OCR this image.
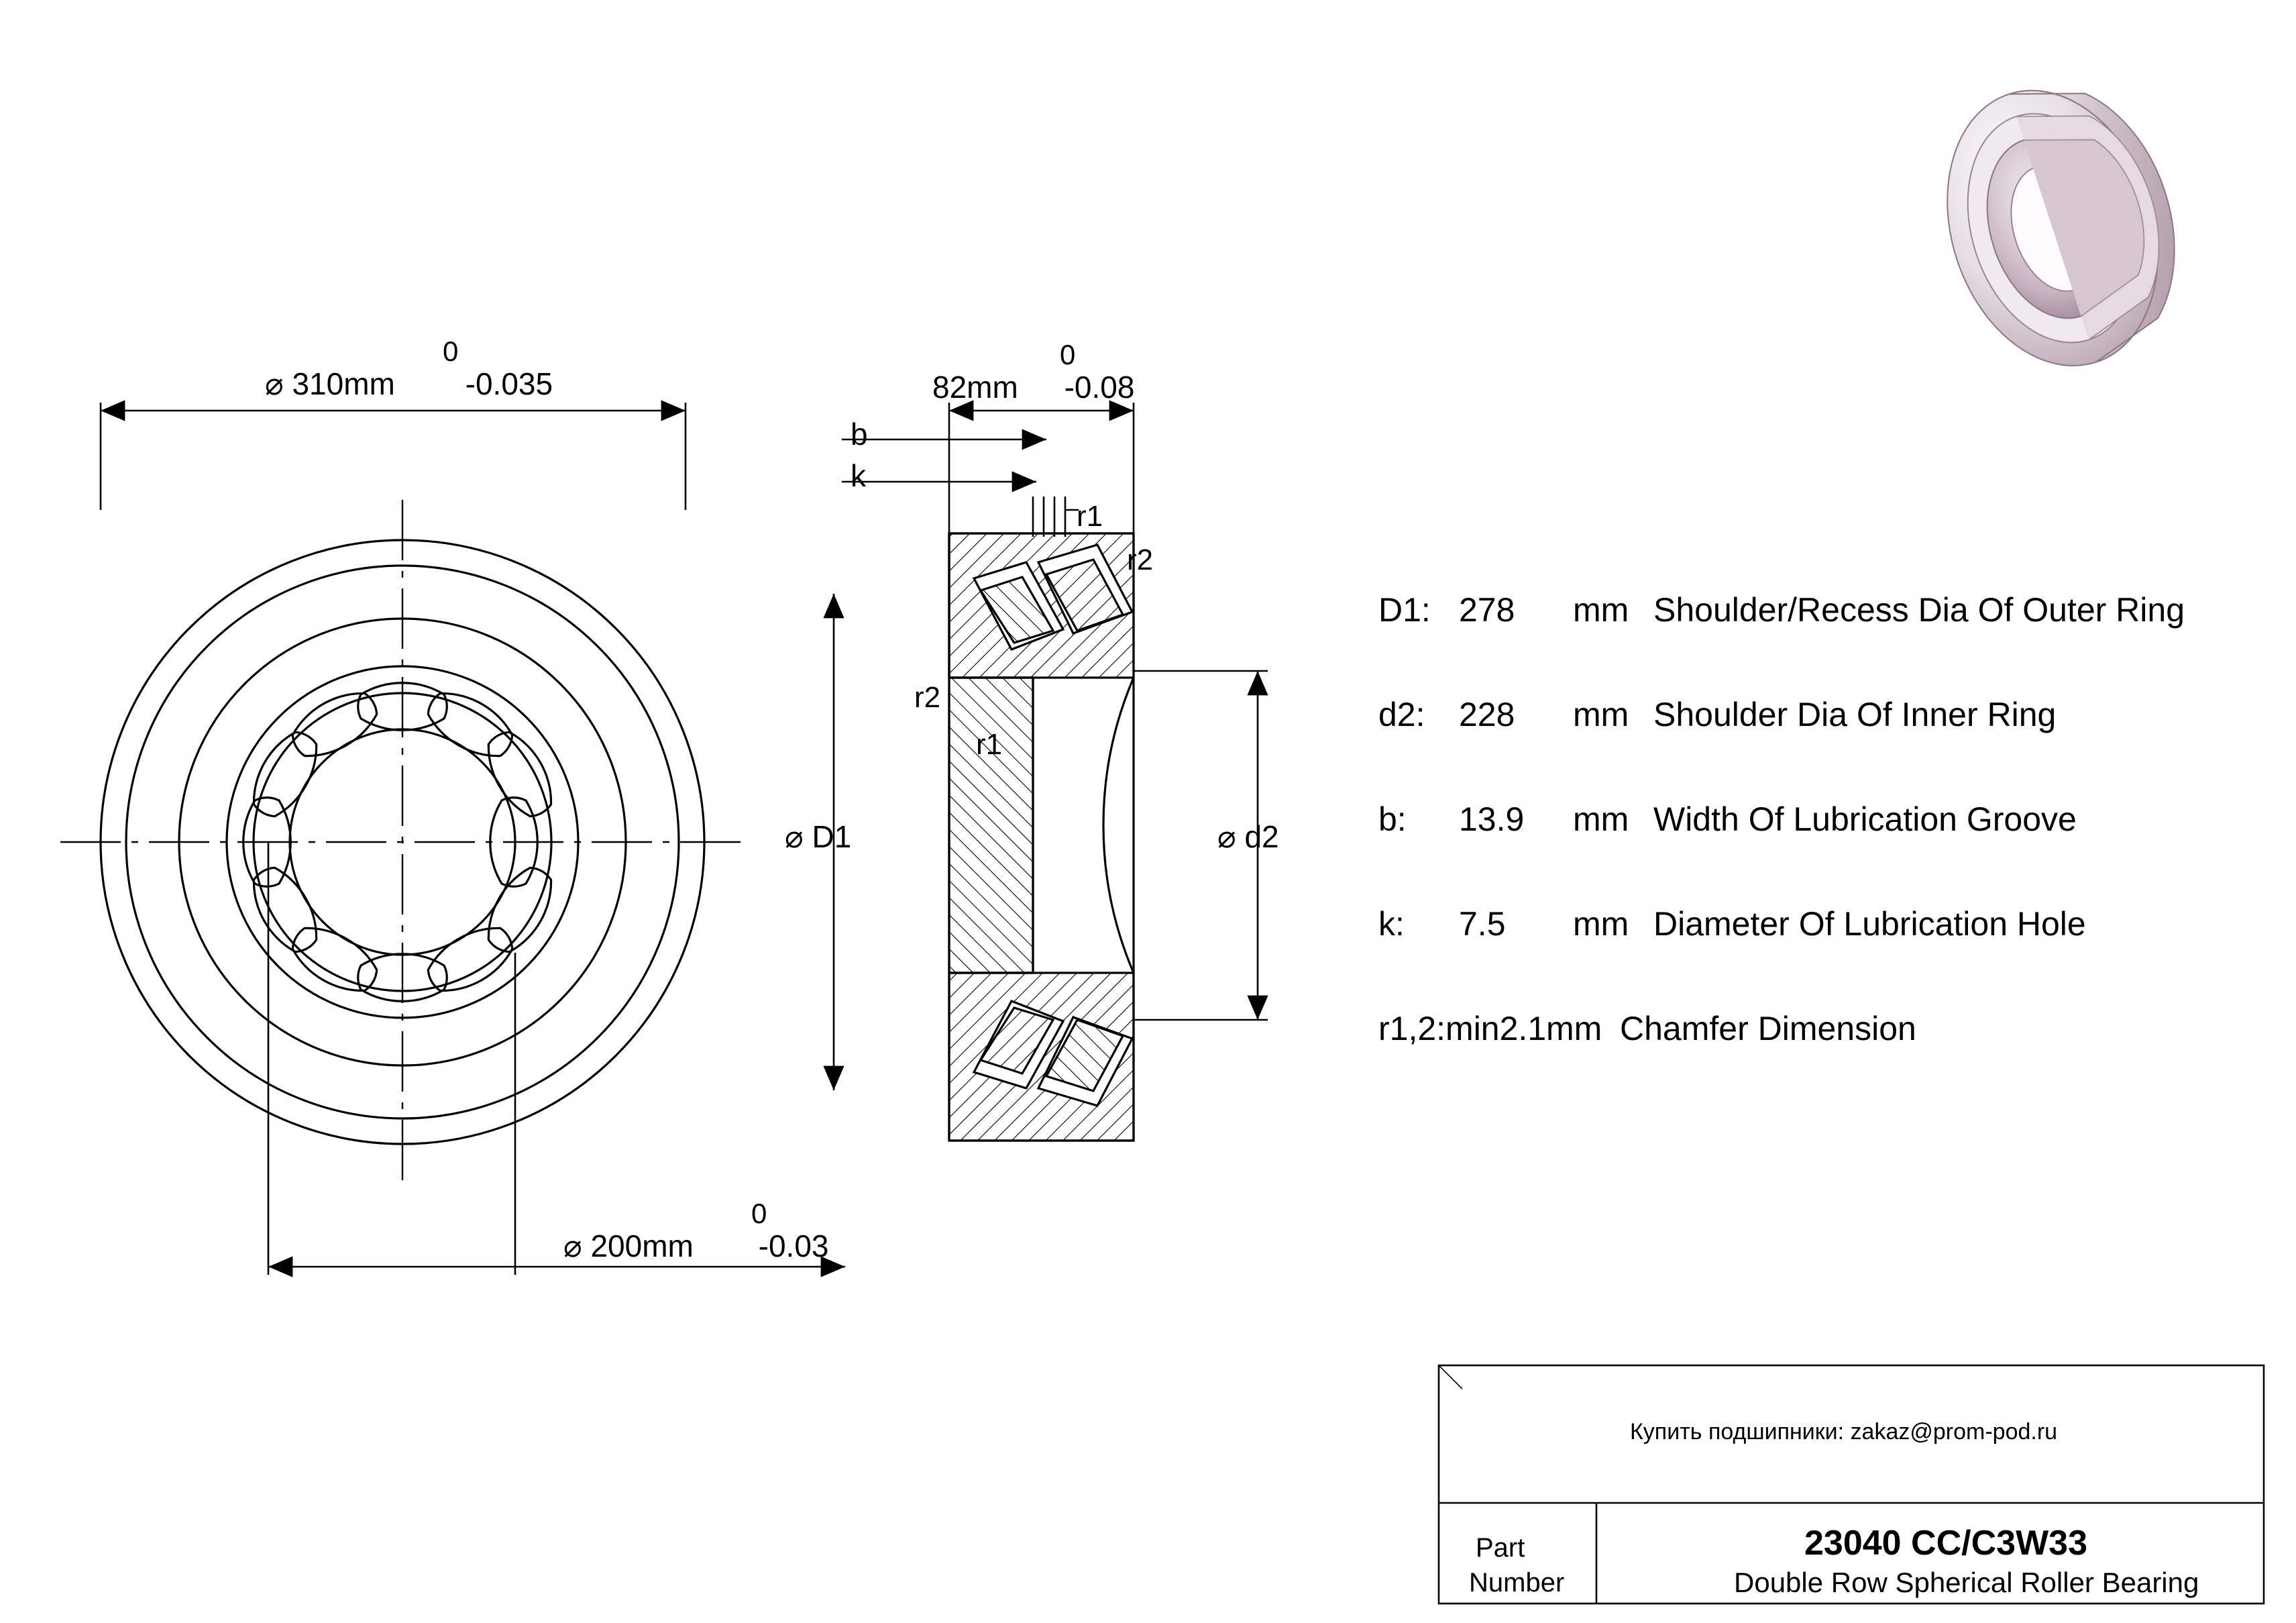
0
⌀ 310mm -0.035
0
⌀ 200mm -0.03
0
82mm -0.08
b
k
r1
r2
r2
r1
⌀ D1	⌀ d2
D1: 278	mm Shoulder/Recess Dia Of Outer Ring
d2:	228	mm Shoulder Dia Of Inner Ring
b:	13.9	mm Width Of Lubrication Groove
k:	7.5	mm Diameter Of Lubrication Hole
r1,2:min2.1 mm Chamfer Dimension
Купить подшипники: zakaz@prom-pod.ru
Part
Number
23040 CC/C3W33
Double Row Spherical Roller Bearing
